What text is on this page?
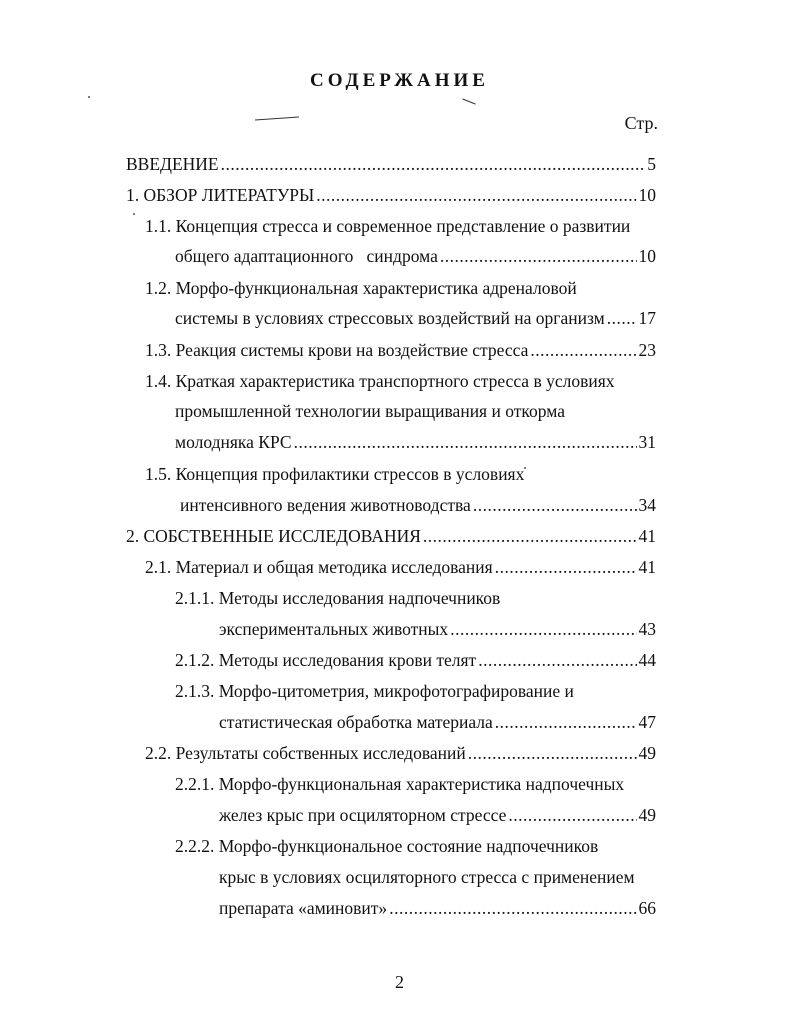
СОДЕРЖАНИЕ
Стр.
ВВЕДЕНИЕ .....	5
1. ОБЗОР ЛИТЕРАТУРЫ .....	10
1.1. Концепция стресса и современное представление о развитии
общего адаптационного   синдрома .....	10
1.2. Морфо-функциональная характеристика адреналовой
системы в условиях стрессовых воздействий на организм ..... 17
1.3. Реакция системы крови на воздействие стресса .....	23
1.4. Краткая характеристика транспортного стресса в условиях
промышленной технологии выращивания и откорма
молодняка КРС .....	31
1.5. Концепция профилактики стрессов в условиях
интенсивного ведения животноводства .....	34
2. СОБСТВЕННЫЕ ИССЛЕДОВАНИЯ .....	41
2.1. Материал и общая методика исследования .....	41
2.1.1. Методы исследования надпочечников
экспериментальных животных .....	43
2.1.2. Методы исследования крови телят .....	44
2.1.3. Морфо-цитометрия, микрофотографирование и
статистическая обработка материала .....	47
2.2. Результаты собственных исследований .....	49
2.2.1. Морфо-функциональная характеристика надпочечных
желез крыс при осциляторном стрессе .....	49
2.2.2. Морфо-функциональное состояние надпочечников
крыс в условиях осциляторного стресса с применением
препарата «аминовит» .....	66
2
